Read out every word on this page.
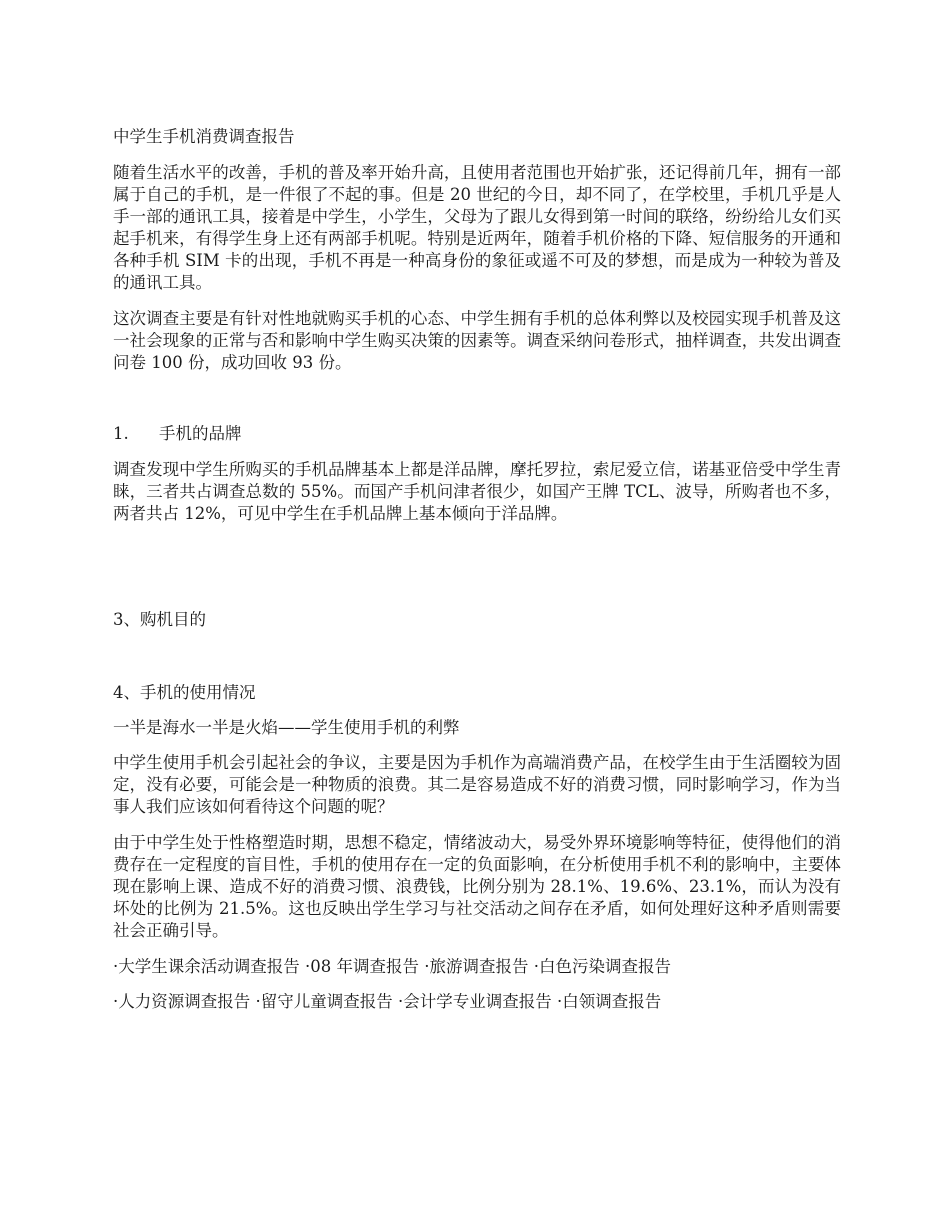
中学生手机消费调查报告

随着生活水平的改善，手机的普及率开始升高，且使用者范围也开始扩张，还记得前几年，拥有一部属于自己的手机，是一件很了不起的事。但是 20 世纪的今日，却不同了，在学校里，手机几乎是人手一部的通讯工具，接着是中学生，小学生，父母为了跟儿女得到第一时间的联络，纷纷给儿女们买起手机来，有得学生身上还有两部手机呢。特别是近两年，随着手机价格的下降、短信服务的开通和各种手机 SIM 卡的出现，手机不再是一种高身份的象征或遥不可及的梦想，而是成为一种较为普及的通讯工具。

这次调查主要是有针对性地就购买手机的心态、中学生拥有手机的总体利弊以及校园实现手机普及这一社会现象的正常与否和影响中学生购买决策的因素等。调查采纳问卷形式，抽样调查，共发出调查问卷 100 份，成功回收 93 份。

1. 手机的品牌

调查发现中学生所购买的手机品牌基本上都是洋品牌，摩托罗拉，索尼爱立信，诺基亚倍受中学生青睐，三者共占调查总数的 55%。而国产手机问津者很少，如国产王牌 TCL、波导，所购者也不多，两者共占 12%，可见中学生在手机品牌上基本倾向于洋品牌。

3、购机目的

4、手机的使用情况

一半是海水一半是火焰——学生使用手机的利弊

中学生使用手机会引起社会的争议，主要是因为手机作为高端消费产品，在校学生由于生活圈较为固定，没有必要，可能会是一种物质的浪费。其二是容易造成不好的消费习惯，同时影响学习，作为当事人我们应该如何看待这个问题的呢？

由于中学生处于性格塑造时期，思想不稳定，情绪波动大，易受外界环境影响等特征，使得他们的消费存在一定程度的盲目性，手机的使用存在一定的负面影响，在分析使用手机不利的影响中，主要体现在影响上课、造成不好的消费习惯、浪费钱，比例分别为 28.1%、19.6%、23.1%，而认为没有坏处的比例为 21.5%。这也反映出学生学习与社交活动之间存在矛盾，如何处理好这种矛盾则需要社会正确引导。

·大学生课余活动调查报告 ·08 年调查报告 ·旅游调查报告 ·白色污染调查报告

·人力资源调查报告 ·留守儿童调查报告 ·会计学专业调查报告 ·白领调查报告
